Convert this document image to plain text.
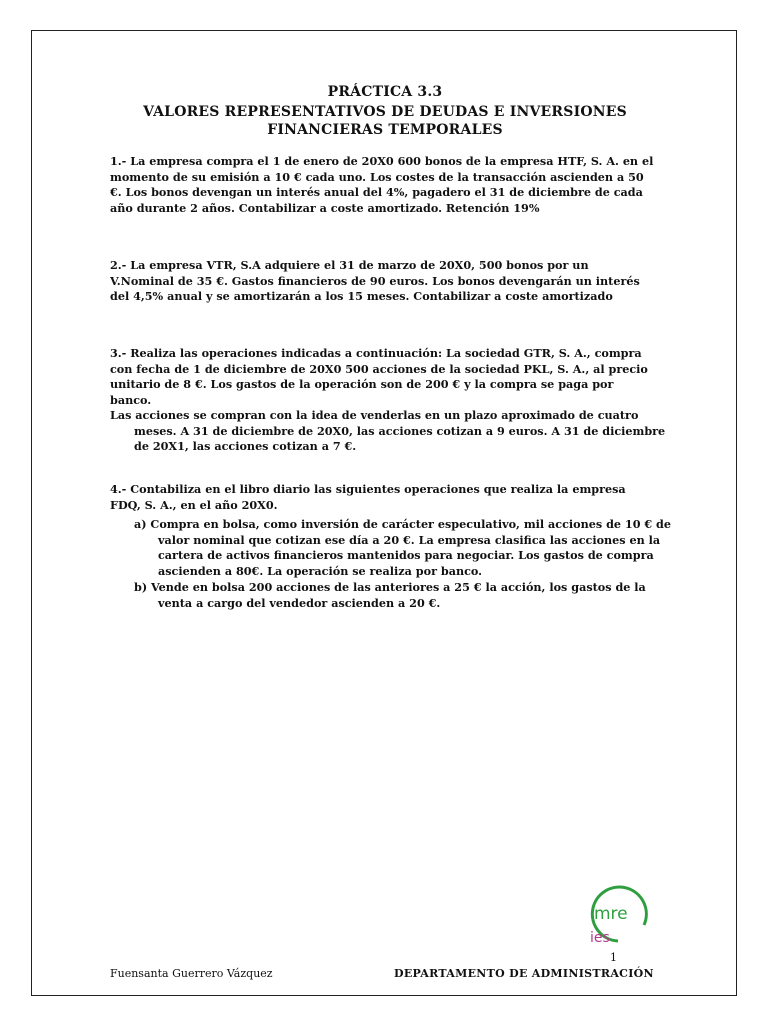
PRÁCTICA 3.3
VALORES REPRESENTATIVOS DE DEUDAS E INVERSIONES
FINANCIERAS TEMPORALES

1.- La empresa compra el 1 de enero de 20X0 600 bonos de la empresa HTF, S. A. en el momento de su emisión a 10 € cada uno. Los costes de la transacción ascienden a 50 €. Los bonos devengan un interés anual del 4%, pagadero el 31 de diciembre de cada año durante 2 años. Contabilizar a coste amortizado. Retención 19%

2.- La empresa VTR, S.A adquiere el 31 de marzo de 20X0, 500 bonos por un V.Nominal de 35 €. Gastos financieros de 90 euros. Los bonos devengarán un interés del 4,5% anual y se amortizarán a los 15 meses. Contabilizar a coste amortizado

3.- Realiza las operaciones indicadas a continuación: La sociedad GTR, S. A., compra con fecha de 1 de diciembre de 20X0 500 acciones de la sociedad PKL, S. A., al precio unitario de 8 €. Los gastos de la operación son de 200 € y la compra se paga por banco.

Las acciones se compran con la idea de venderlas en un plazo aproximado de cuatro meses. A 31 de diciembre de 20X0, las acciones cotizan a 9 euros. A 31 de diciembre de 20X1, las acciones cotizan a 7 €.

4.- Contabiliza en el libro diario las siguientes operaciones que realiza la empresa FDQ, S. A., en el año 20X0.

a) Compra en bolsa, como inversión de carácter especulativo, mil acciones de 10 € de valor nominal que cotizan ese día a 20 €. La empresa clasifica las acciones en la cartera de activos financieros mantenidos para negociar. Los gastos de compra ascienden a 80€. La operación se realiza por banco.

b) Vende en bolsa 200 acciones de las anteriores a 25 € la acción, los gastos de la venta a cargo del vendedor ascienden a 20 €.

mre
ies
1
Fuensanta Guerrero Vázquez	DEPARTAMENTO DE ADMINISTRACIÓN
